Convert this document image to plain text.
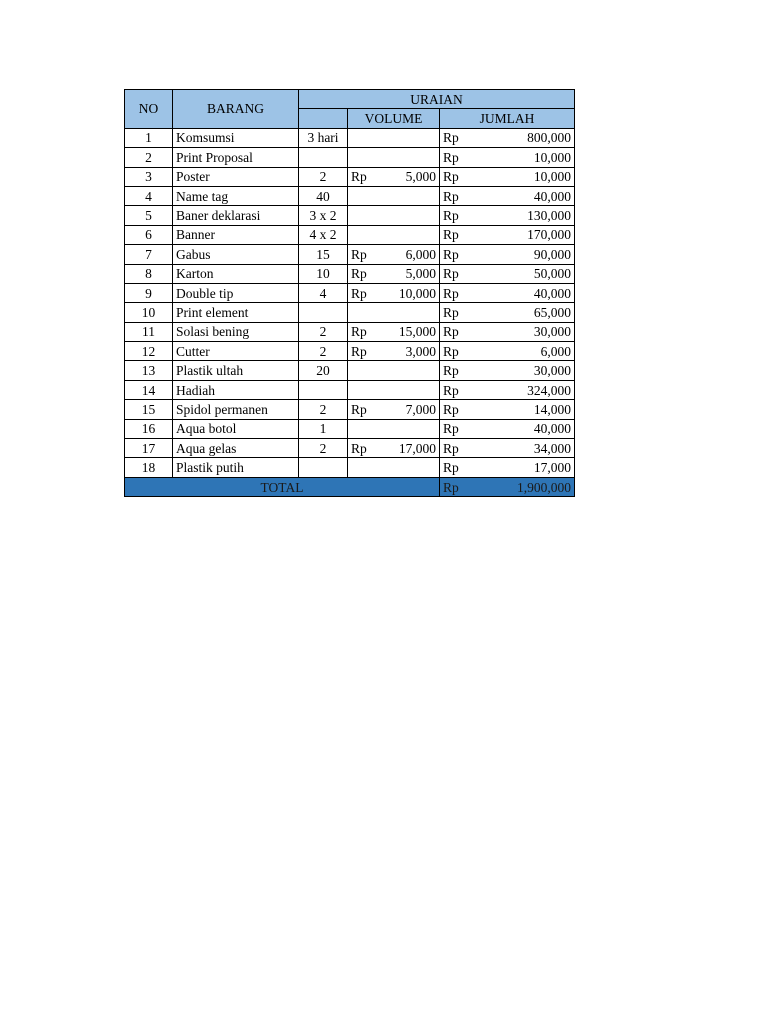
NO	BARANG	URAIAN		
			VOLUME	JUMLAH
1	Komsumsi	3 hari		Rp 800,000

2	Print Proposal			Rp 10,000

3	Poster	2	Rp 5,000	Rp 10,000

4	Name tag	40		Rp 40,000

5	Baner deklarasi	3 x 2		Rp 130,000

6	Banner	4 x 2		Rp 170,000

7	Gabus	15	Rp 6,000	Rp 90,000

8	Karton	10	Rp 5,000	Rp 50,000

9	Double tip	4	Rp 10,000	Rp 40,000

10	Print element			Rp 65,000

11	Solasi bening	2	Rp 15,000	Rp 30,000

12	Cutter	2	Rp 3,000	Rp 6,000

13	Plastik ultah	20		Rp 30,000

14	Hadiah			Rp 324,000

15	Spidol permanen	2	Rp 7,000	Rp 14,000

16	Aqua botol	1		Rp 40,000

17	Aqua gelas	2	Rp 17,000	Rp 34,000

18	Plastik putih			Rp 17,000

TOTAL				Rp 1,900,000
